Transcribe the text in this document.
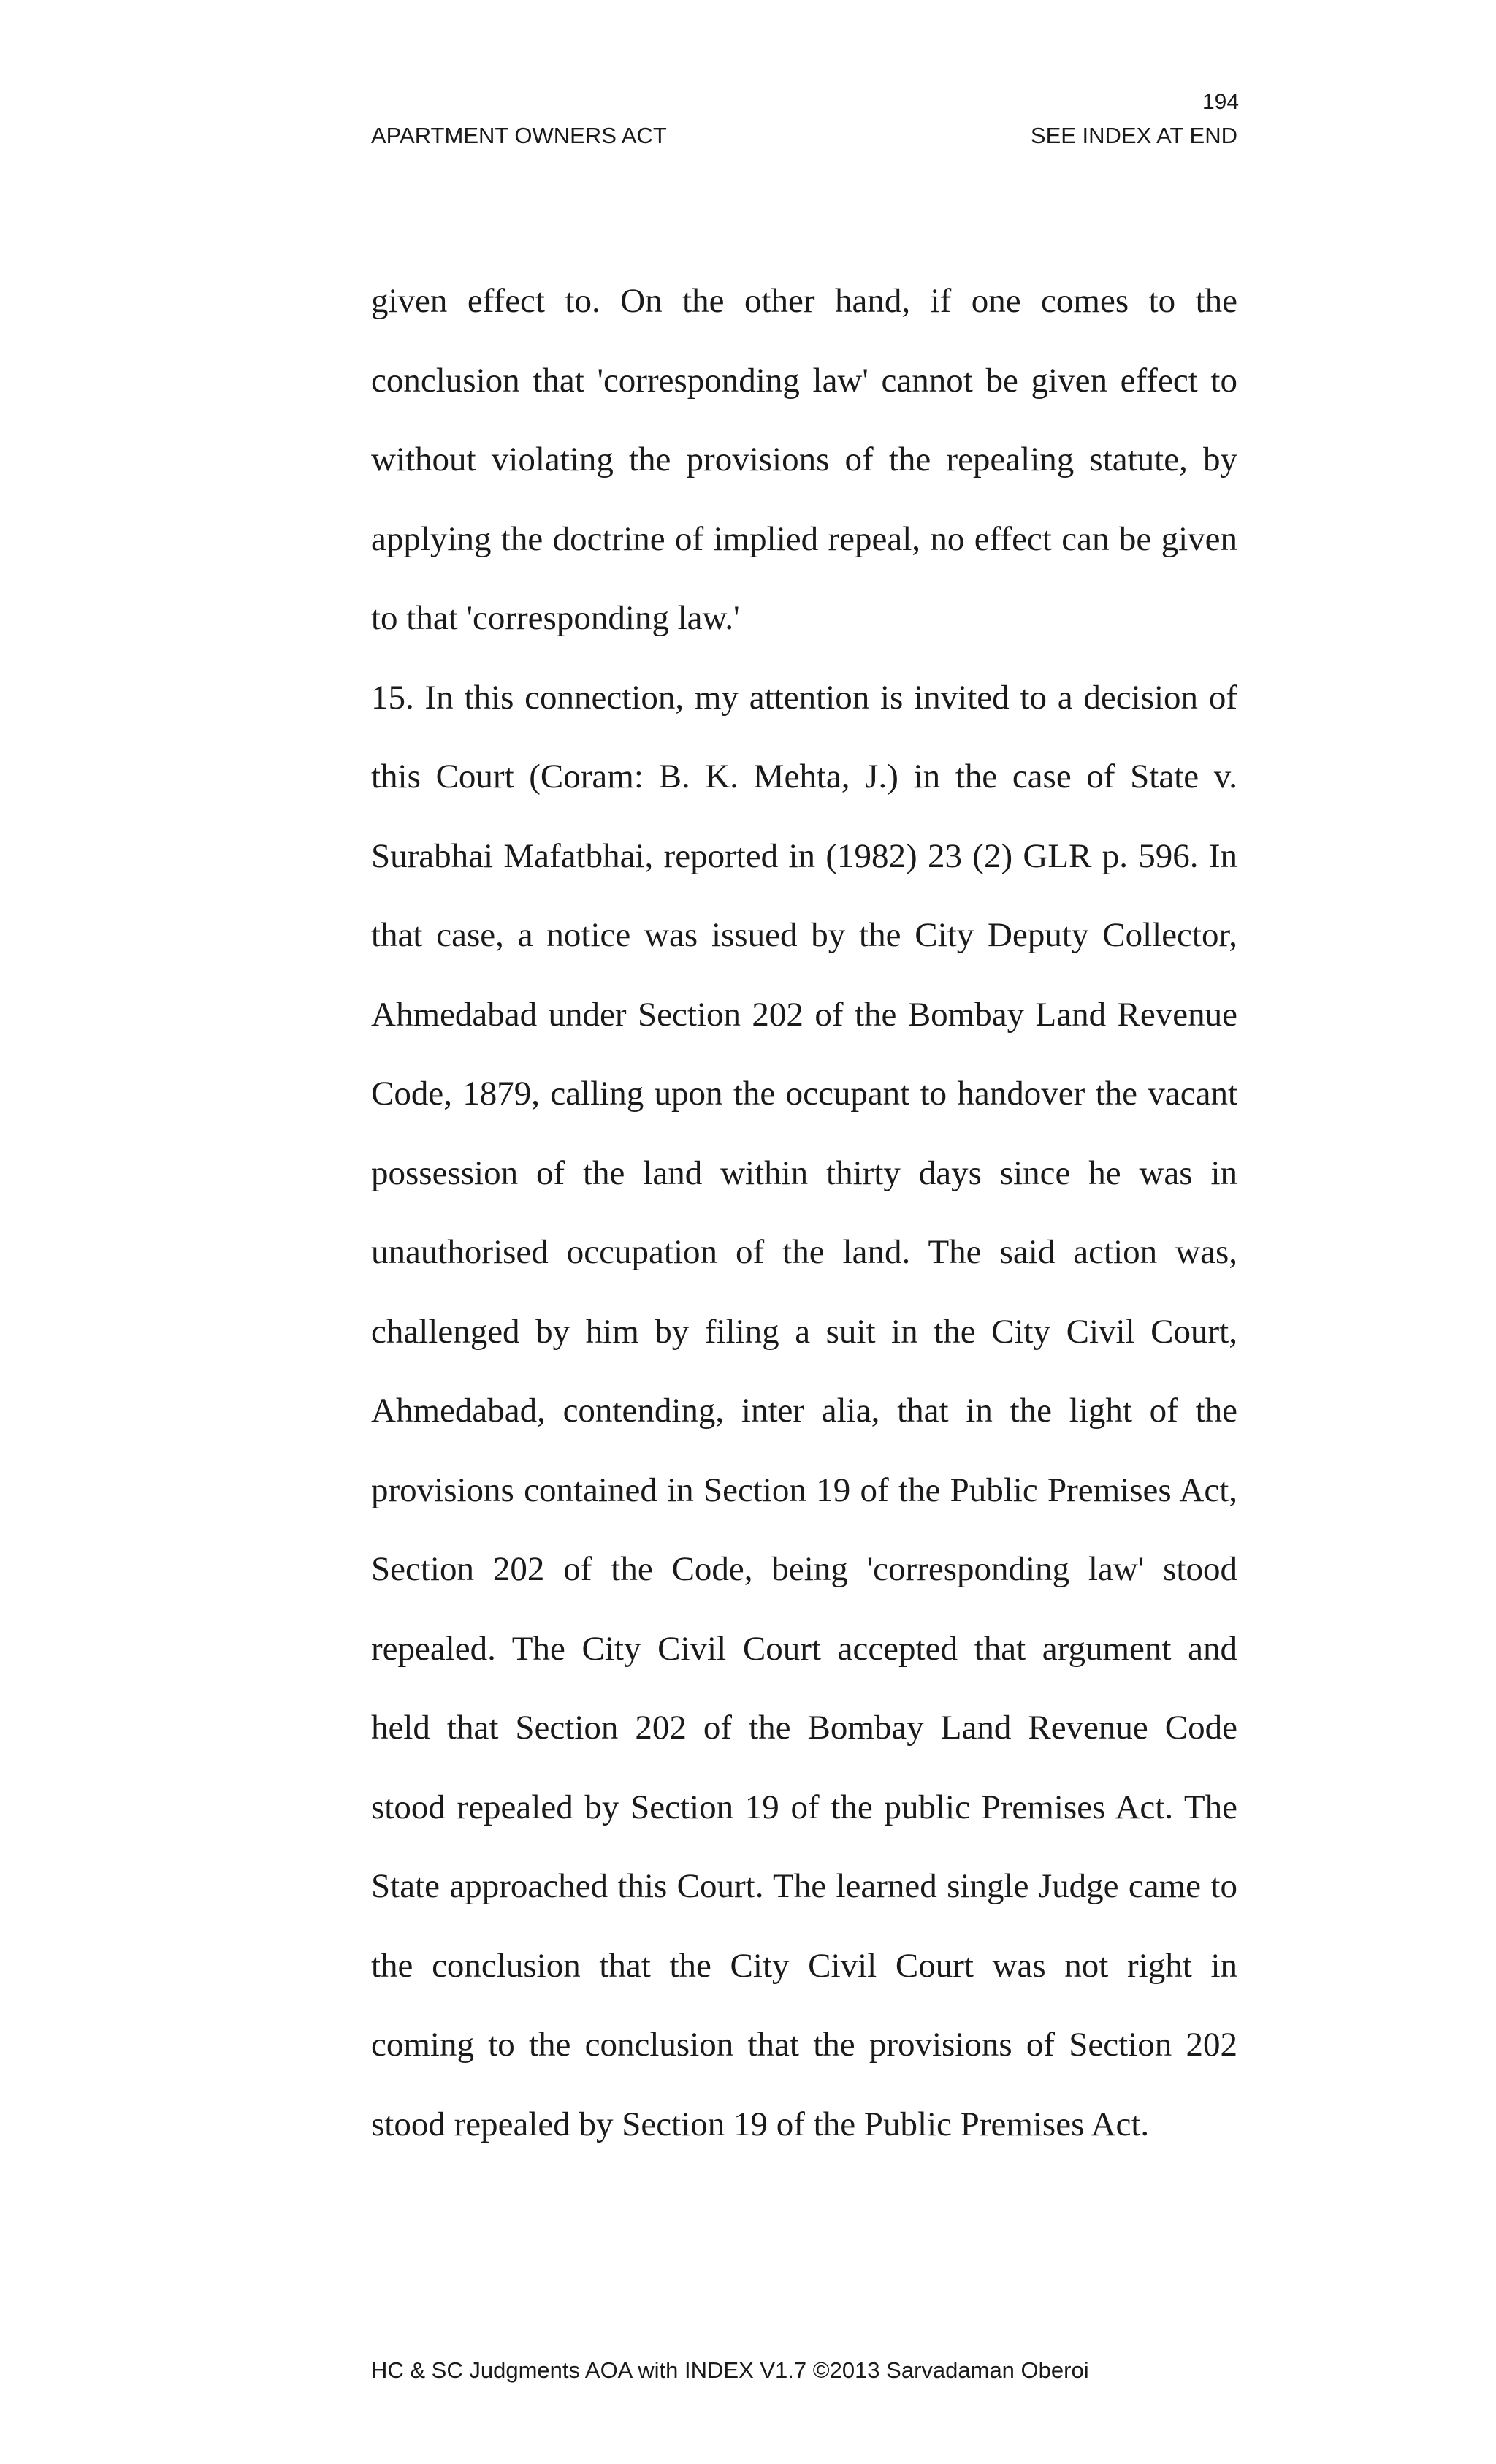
194
APARTMENT OWNERS ACT	SEE INDEX AT END

given effect to. On the other hand, if one comes to the conclusion that 'corresponding law' cannot be given effect to without violating the provisions of the repealing statute, by applying the doctrine of implied repeal, no effect can be given to that 'corresponding law.'

15. In this connection, my attention is invited to a decision of this Court (Coram: B. K. Mehta, J.) in the case of State v. Surabhai Mafatbhai, reported in (1982) 23 (2) GLR p. 596. In that case, a notice was issued by the City Deputy Collector, Ahmedabad under Section 202 of the Bombay Land Revenue Code, 1879, calling upon the occupant to handover the vacant possession of the land within thirty days since he was in unauthorised occupation of the land. The said action was, challenged by him by filing a suit in the City Civil Court, Ahmedabad, contending, inter alia, that in the light of the provisions contained in Section 19 of the Public Premises Act, Section 202 of the Code, being 'corresponding law' stood repealed. The City Civil Court accepted that argument and held that Section 202 of the Bombay Land Revenue Code stood repealed by Section 19 of the public Premises Act. The State approached this Court. The learned single Judge came to the conclusion that the City Civil Court was not right in coming to the conclusion that the provisions of Section 202 stood repealed by Section 19 of the Public Premises Act.

HC & SC Judgments AOA with INDEX V1.7 ©2013 Sarvadaman Oberoi
